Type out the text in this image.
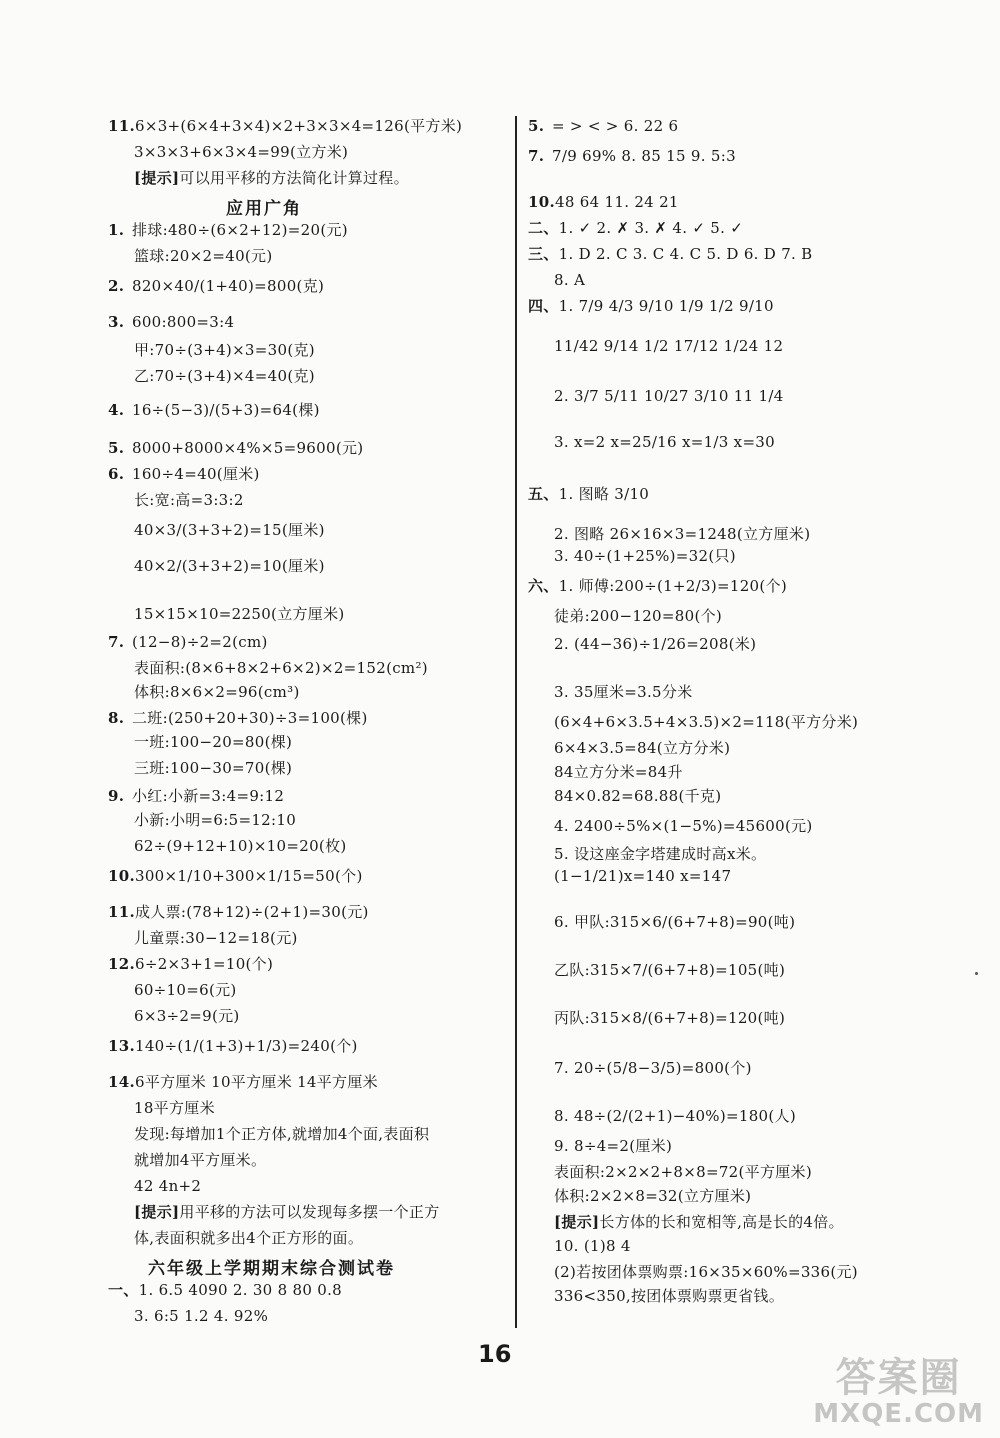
11.6×3+(6×4+3×4)×2+3×3×4=126(平方米)
3×3×3+6×3×4=99(立方米)
[提示]可以用平移的方法简化计算过程。
应用广角
1. 排球:480÷(6×2+12)=20(元)
篮球:20×2=40(元)
2. 820×40/(1+40)=800(克)
3. 600:800=3:4
甲:70÷(3+4)×3=30(克)
乙:70÷(3+4)×4=40(克)
4. 16÷(5−3)/(5+3)=64(棵)
5. 8000+8000×4%×5=9600(元)
6. 160÷4=40(厘米)
长:宽:高=3:3:2
40×3/(3+3+2)=15(厘米)
40×2/(3+3+2)=10(厘米)
15×15×10=2250(立方厘米)
7. (12−8)÷2=2(cm)
表面积:(8×6+8×2+6×2)×2=152(cm²)
体积:8×6×2=96(cm³)
8. 二班:(250+20+30)÷3=100(棵)
一班:100−20=80(棵)
三班:100−30=70(棵)
9. 小红:小新=3:4=9:12
小新:小明=6:5=12:10
62÷(9+12+10)×10=20(枚)
10.300×1/10+300×1/15=50(个)
11.成人票:(78+12)÷(2+1)=30(元)
儿童票:30−12=18(元)
12.6÷2×3+1=10(个)
60÷10=6(元)
6×3÷2=9(元)
13.140÷(1/(1+3)+1/3)=240(个)
14.6平方厘米 10平方厘米 14平方厘米
18平方厘米
发现:每增加1个正方体,就增加4个面,表面积
就增加4平方厘米。
42 4n+2
[提示]用平移的方法可以发现每多摆一个正方
体,表面积就多出4个正方形的面。
六年级上学期期末综合测试卷
一、1. 6.5 4090 2. 30 8 80 0.8
3. 6:5 1.2 4. 92%
5. = > < > 6. 22 6
7. 7/9 69% 8. 85 15 9. 5:3
10.48 64 11. 24 21
二、1. ✓ 2. ✗ 3. ✗ 4. ✓ 5. ✓
三、1. D 2. C 3. C 4. C 5. D 6. D 7. B
8. A
四、1. 7/9 4/3 9/10 1/9 1/2 9/10
11/42 9/14 1/2 17/12 1/24 12
2. 3/7 5/11 10/27 3/10 11 1/4
3. x=2 x=25/16 x=1/3 x=30
五、1. 图略 3/10
2. 图略 26×16×3=1248(立方厘米)
3. 40÷(1+25%)=32(只)
六、1. 师傅:200÷(1+2/3)=120(个)
徒弟:200−120=80(个)
2. (44−36)÷1/26=208(米)
3. 35厘米=3.5分米
(6×4+6×3.5+4×3.5)×2=118(平方分米)
6×4×3.5=84(立方分米)
84立方分米=84升
84×0.82=68.88(千克)
4. 2400÷5%×(1−5%)=45600(元)
5. 设这座金字塔建成时高x米。
(1−1/21)x=140 x=147
6. 甲队:315×6/(6+7+8)=90(吨)
乙队:315×7/(6+7+8)=105(吨)
丙队:315×8/(6+7+8)=120(吨)
7. 20÷(5/8−3/5)=800(个)
8. 48÷(2/(2+1)−40%)=180(人)
9. 8÷4=2(厘米)
表面积:2×2×2+8×8=72(平方厘米)
体积:2×2×8=32(立方厘米)
[提示]长方体的长和宽相等,高是长的4倍。
10. (1)8 4
(2)若按团体票购票:16×35×60%=336(元)
336<350,按团体票购票更省钱。
16
答案圈
MXQE.COM
